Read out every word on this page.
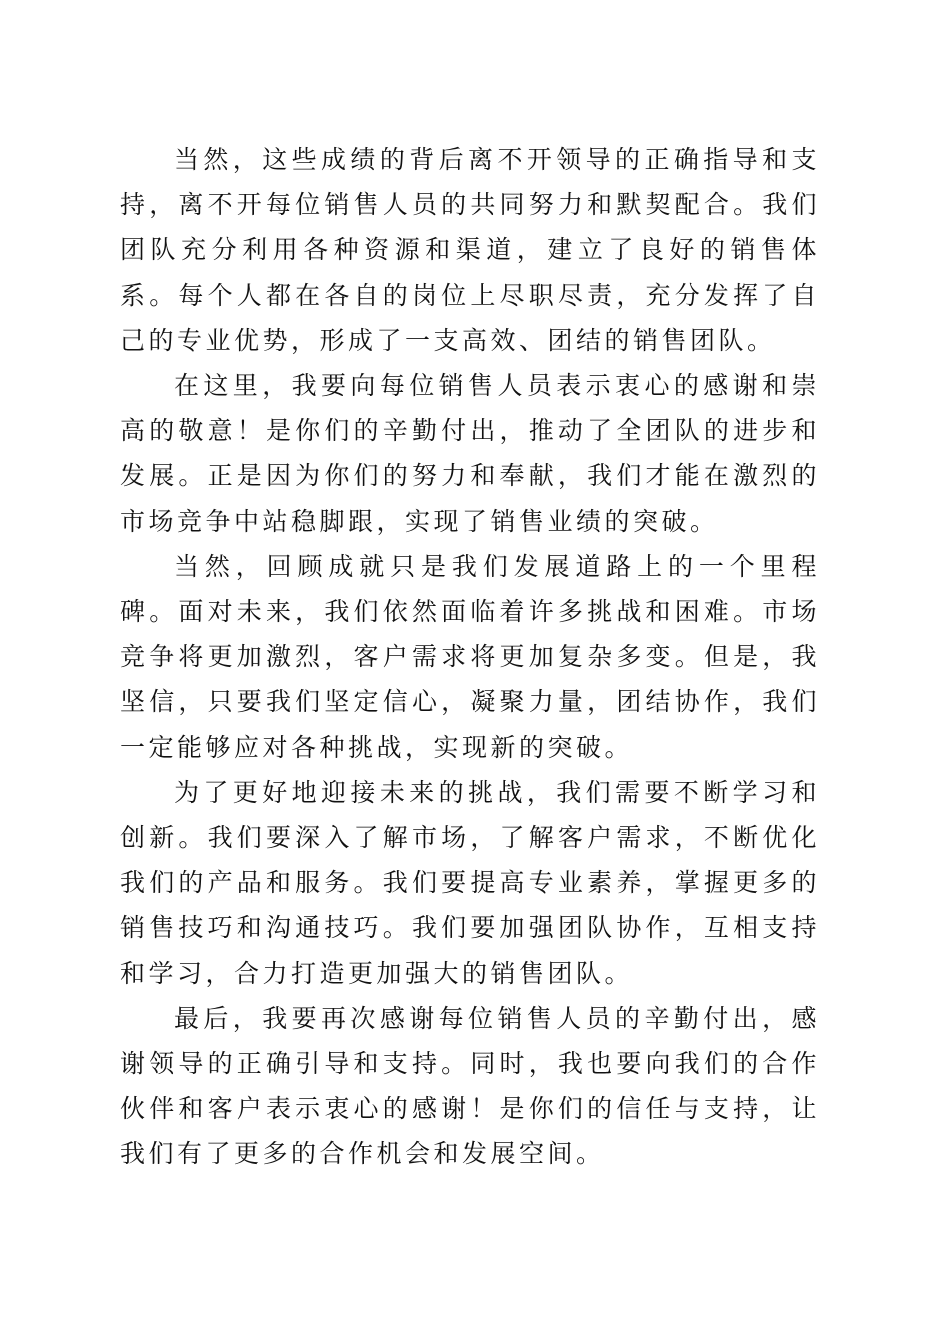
当然，这些成绩的背后离不开领导的正确指导和支持，离不开每位销售人员的共同努力和默契配合。我们团队充分利用各种资源和渠道，建立了良好的销售体系。每个人都在各自的岗位上尽职尽责，充分发挥了自己的专业优势，形成了一支高效、团结的销售团队。

在这里，我要向每位销售人员表示衷心的感谢和崇高的敬意！是你们的辛勤付出，推动了全团队的进步和发展。正是因为你们的努力和奉献，我们才能在激烈的市场竞争中站稳脚跟，实现了销售业绩的突破。

当然，回顾成就只是我们发展道路上的一个里程碑。面对未来，我们依然面临着许多挑战和困难。市场竞争将更加激烈，客户需求将更加复杂多变。但是，我坚信，只要我们坚定信心，凝聚力量，团结协作，我们一定能够应对各种挑战，实现新的突破。

为了更好地迎接未来的挑战，我们需要不断学习和创新。我们要深入了解市场，了解客户需求，不断优化我们的产品和服务。我们要提高专业素养，掌握更多的销售技巧和沟通技巧。我们要加强团队协作，互相支持和学习，合力打造更加强大的销售团队。

最后，我要再次感谢每位销售人员的辛勤付出，感谢领导的正确引导和支持。同时，我也要向我们的合作伙伴和客户表示衷心的感谢！是你们的信任与支持，让我们有了更多的合作机会和发展空间。
